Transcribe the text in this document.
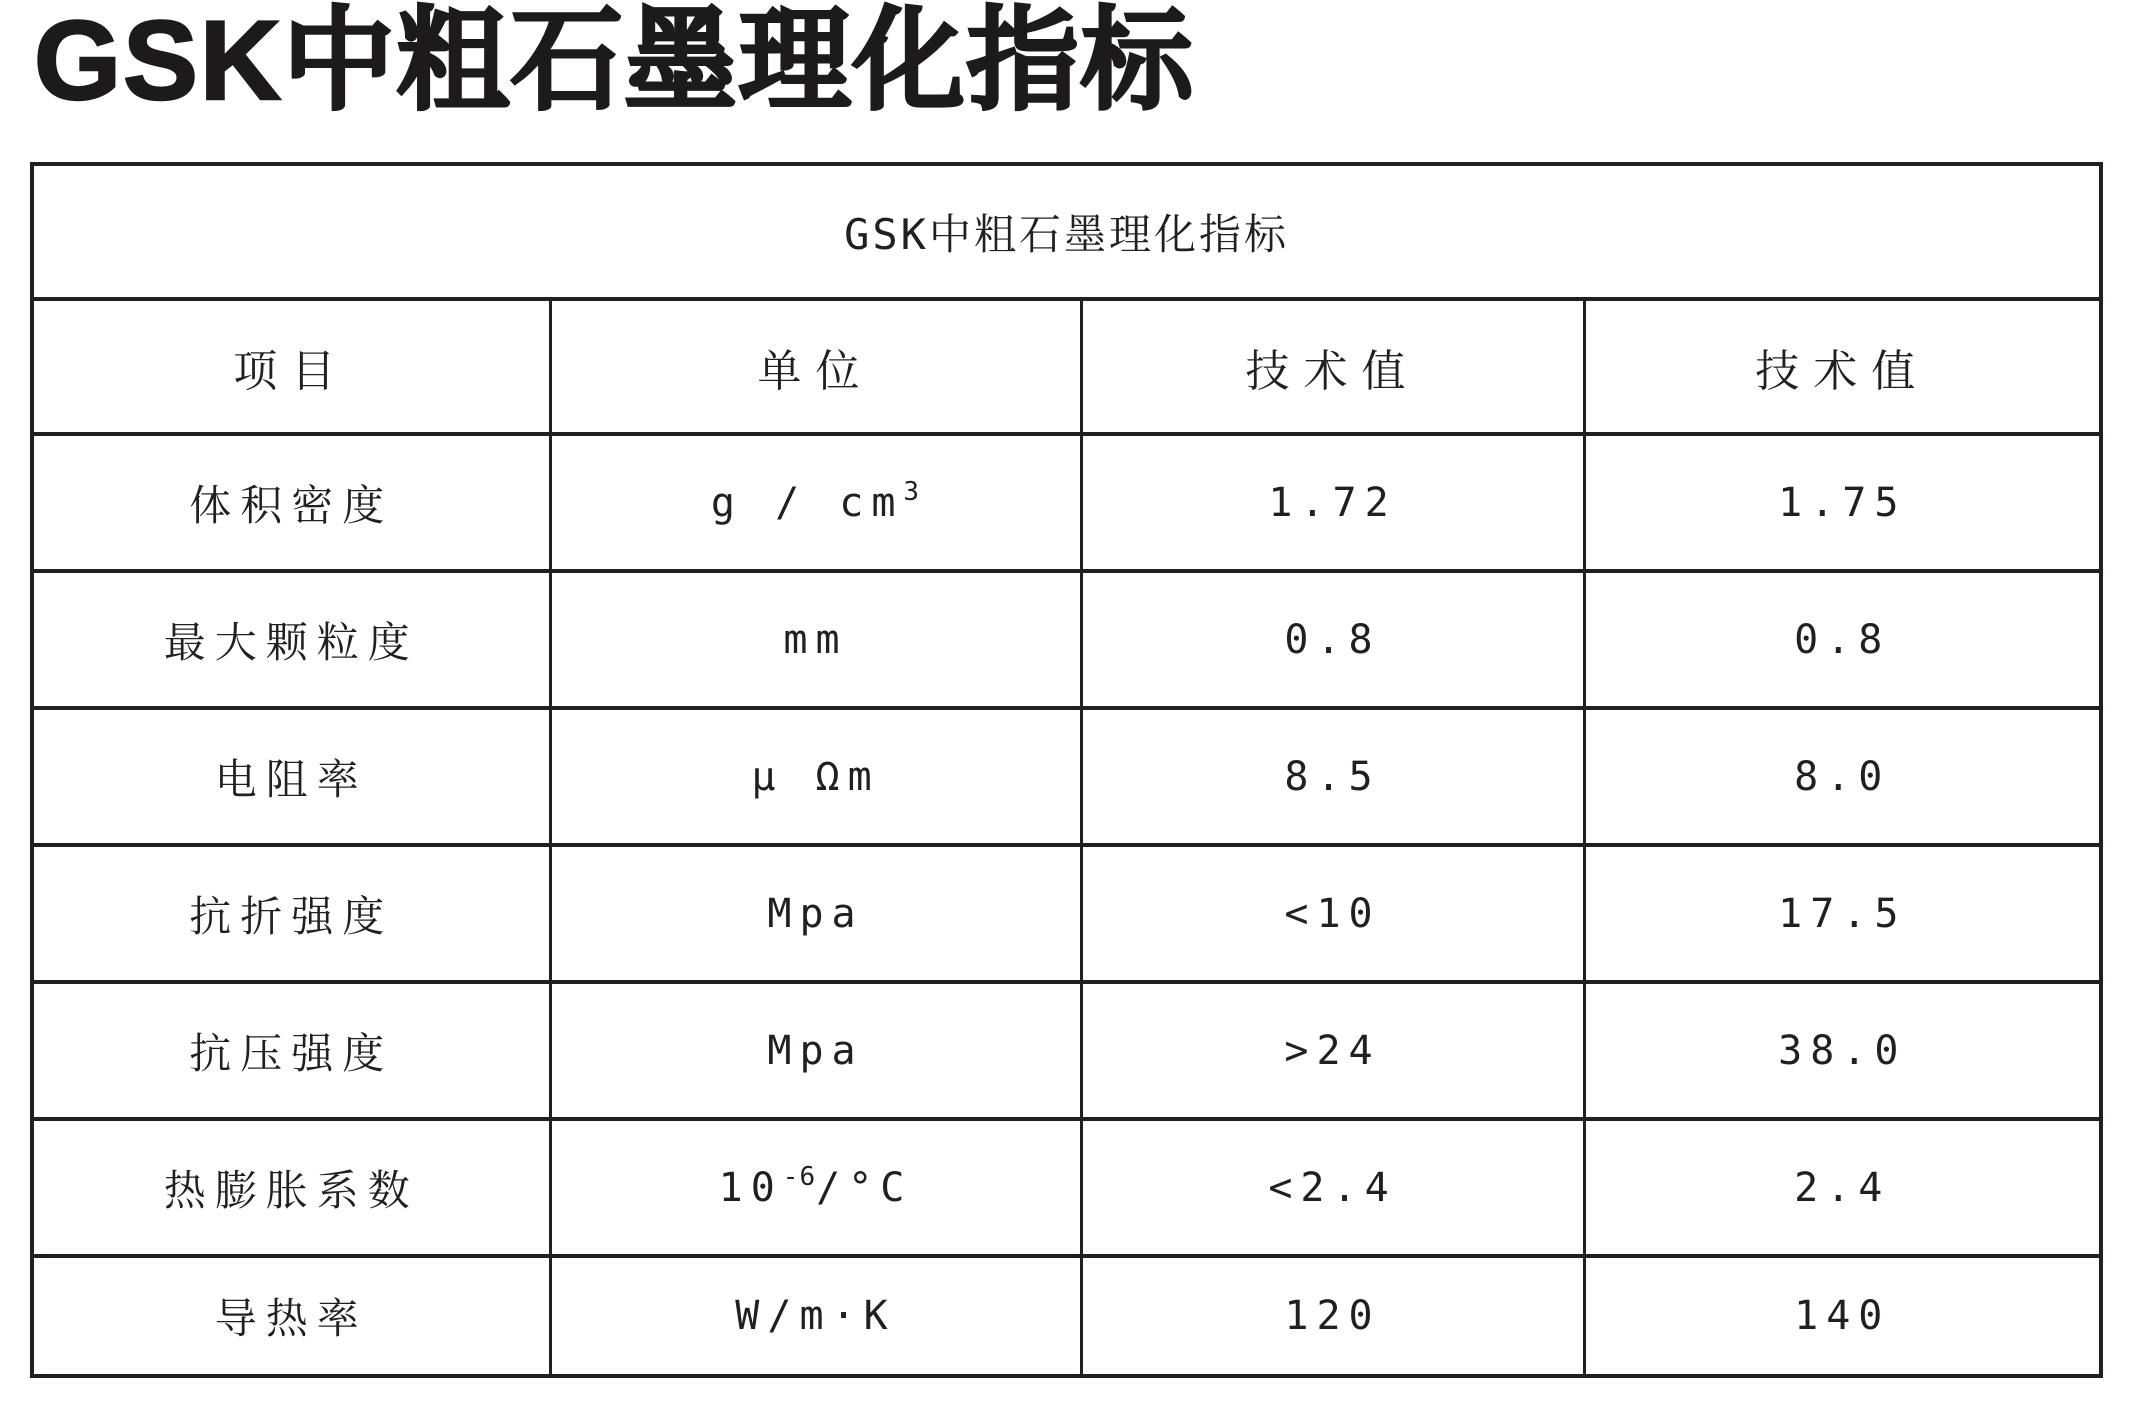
GSK中粗石墨理化指标
GSK中粗石墨理化指标			
项目	单位	技术值	技术值
体积密度	g / $cm^3$	1.72	1.75
最大颗粒度	mm	0.8	0.8
电阻率	μ Ωm	8.5	8.0
抗折强度	Mpa	<10	17.5
抗压强度	Mpa	>24	38.0
热膨胀系数	$10^{-6}/^\circ C$	<2.4	2.4
导热率	W/m·K	120	140
